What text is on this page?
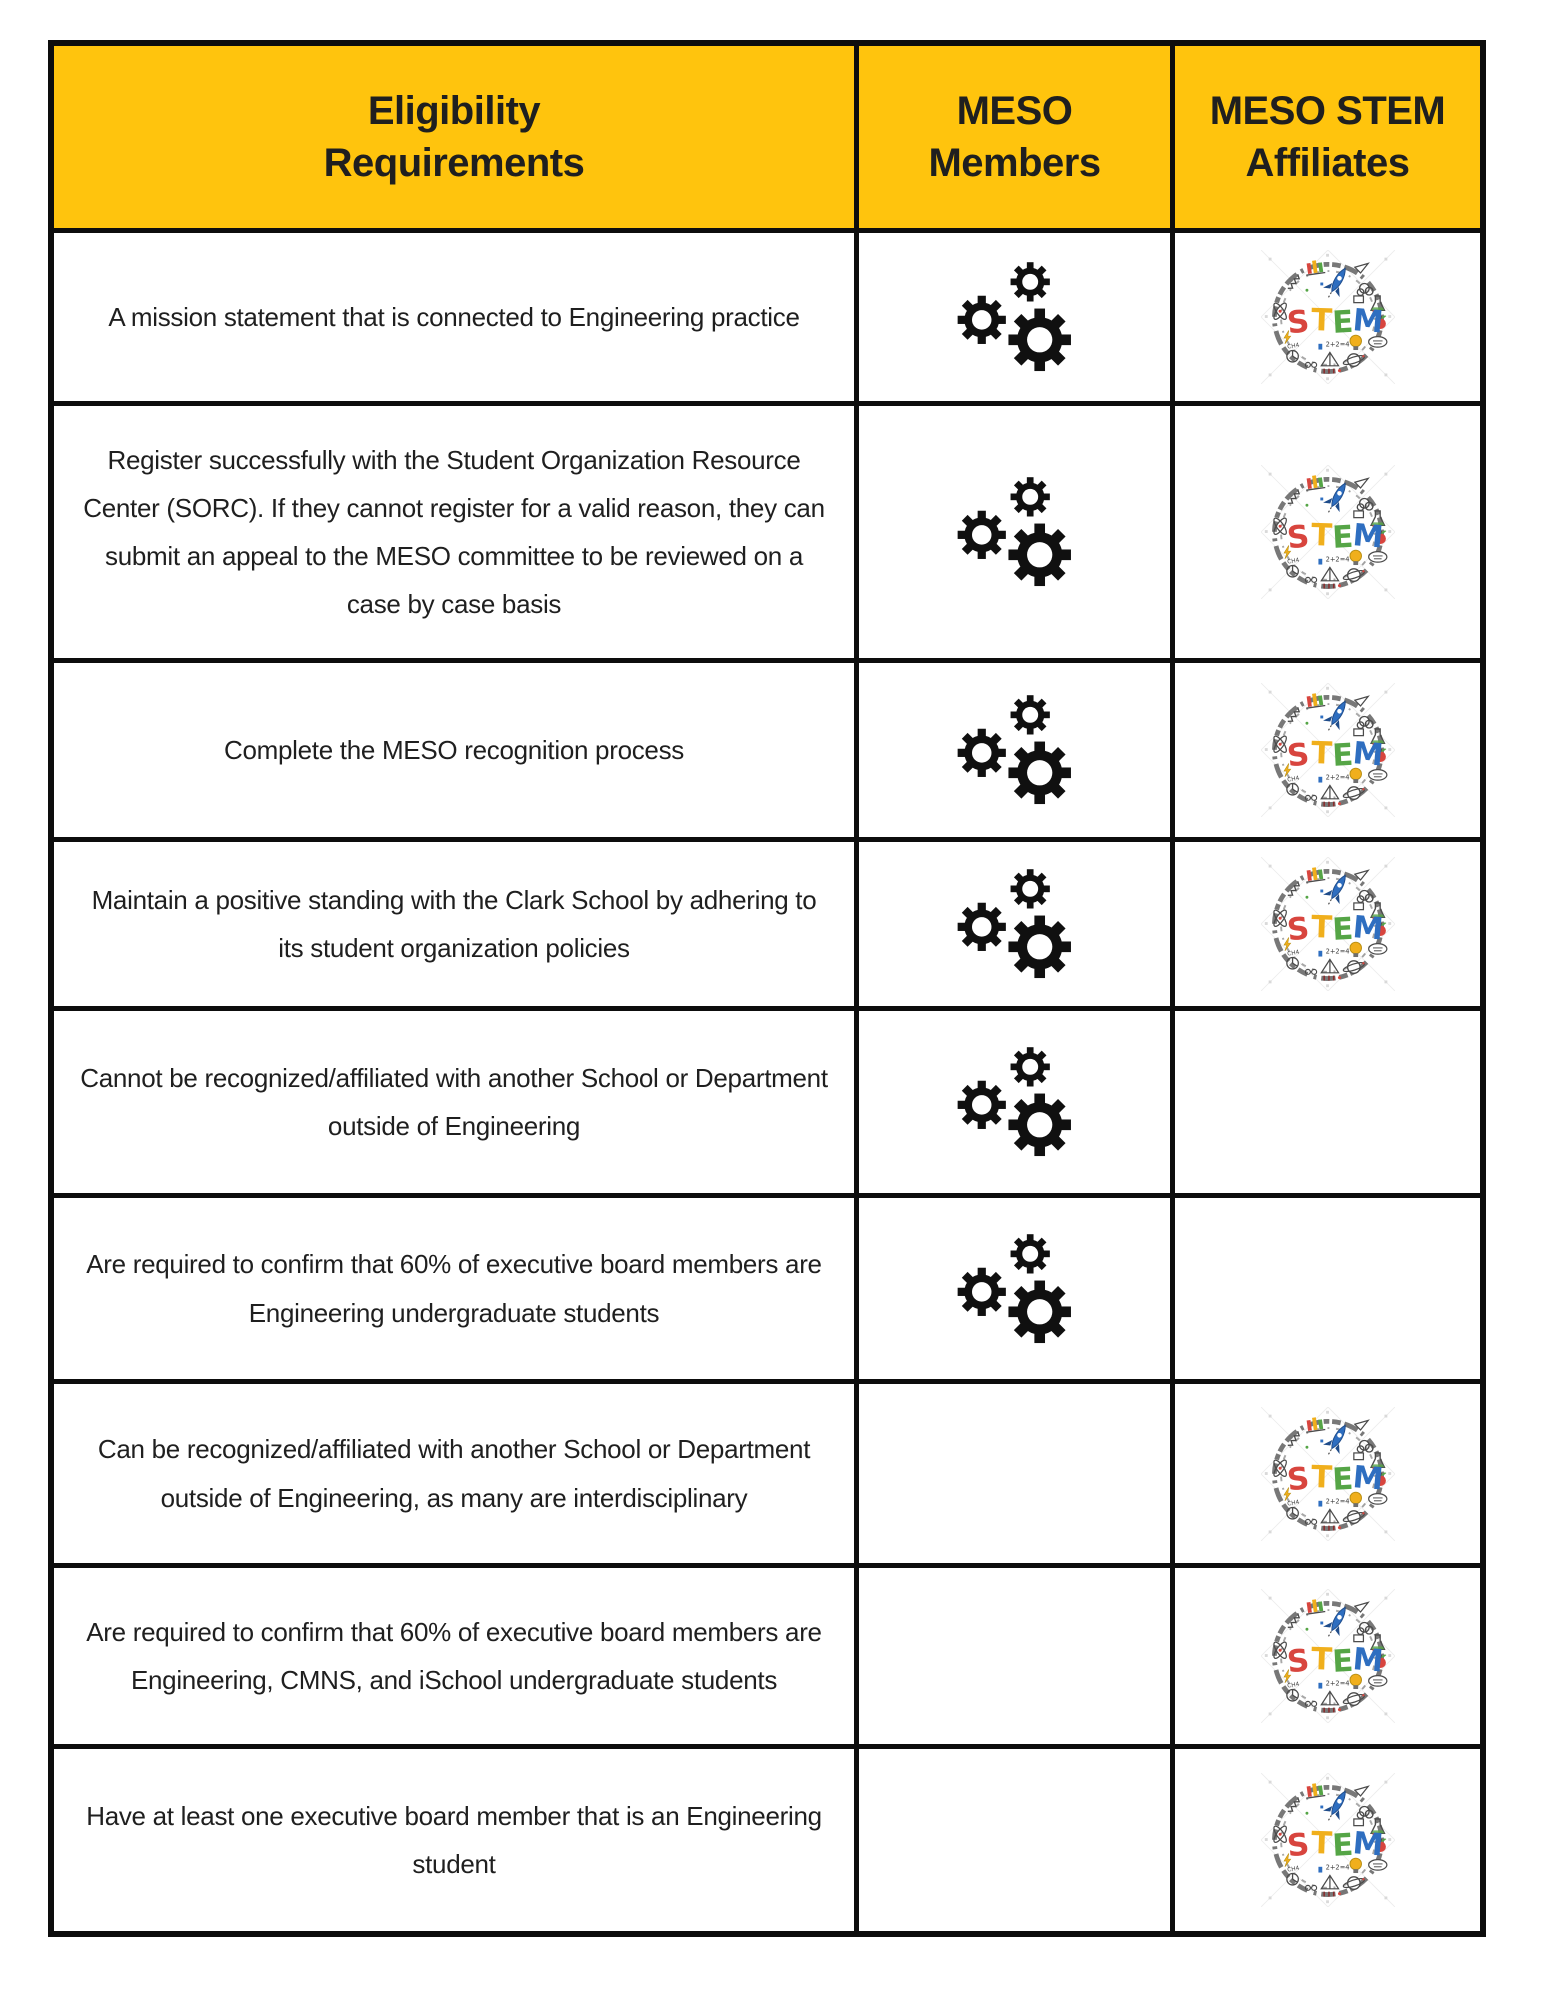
Eligibility
Requirements
MESO
Members
MESO STEM
Affiliates
A mission statement that is connected to Engineering practice
Register successfully with the Student Organization Resource Center (SORC). If they cannot register for a valid reason, they can submit an appeal to the MESO committee to be reviewed on a case by case basis
Complete the MESO recognition process
Maintain a positive standing with the Clark School by adhering to its student organization policies
Cannot be recognized/affiliated with another School or Department outside of Engineering
Are required to confirm that 60% of executive board members are Engineering undergraduate students
Can be recognized/affiliated with another School or Department outside of Engineering, as many are interdisciplinary
Are required to confirm that 60% of executive board members are Engineering, CMNS, and iSchool undergraduate students
Have at least one executive board member that is an Engineering student
